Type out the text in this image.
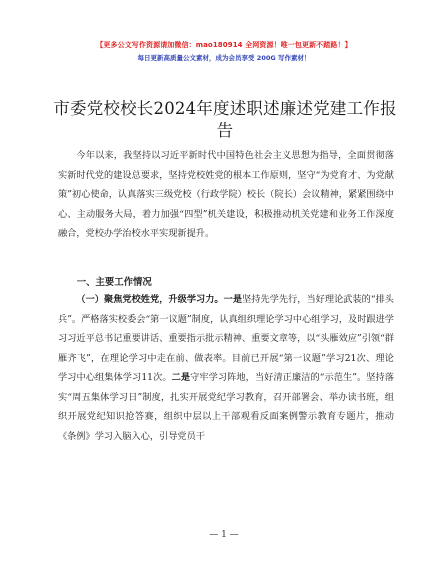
【更多公文写作资源请加微信：mao180914 全网资源！唯一包更新不踏路！】
每日更新高质量公文素材，成为会员享受 200G 写作素材！
市委党校校长2024年度述职述廉述党建工作报告
今年以来，我坚持以习近平新时代中国特色社会主义思想为指导，全面贯彻落实新时代党的建设总要求，坚持党校姓党的根本工作原则，坚守“为党育才、为党献策”初心使命，认真落实三级党校（行政学院）校长（院长）会议精神，紧紧围绕中心、主动服务大局，着力加强“四型”机关建设，积极推动机关党建和业务工作深度融合，党校办学治校水平实现新提升。
一、主要工作情况
（一）聚焦党校姓党，升级学习力。一是坚持先学先行，当好理论武装的“排头兵”。严格落实校委会“第一议题”制度，认真组织理论学习中心组学习，及时跟进学习习近平总书记重要讲话、重要指示批示精神、重要文章等，以“头雁效应”引领“群雁齐飞”，在理论学习中走在前、做表率。目前已开展“第一议题”学习21次、理论学习中心组集体学习11次。二是守牢学习阵地，当好清正廉洁的“示范生”。坚持落实“周五集体学习日”制度，扎实开展党纪学习教育，召开部署会、举办读书班，组织开展党纪知识抢答赛，组织中层以上干部观看反面案例警示教育专题片，推动《条例》学习入脑入心，引导党员干
— 1 —
